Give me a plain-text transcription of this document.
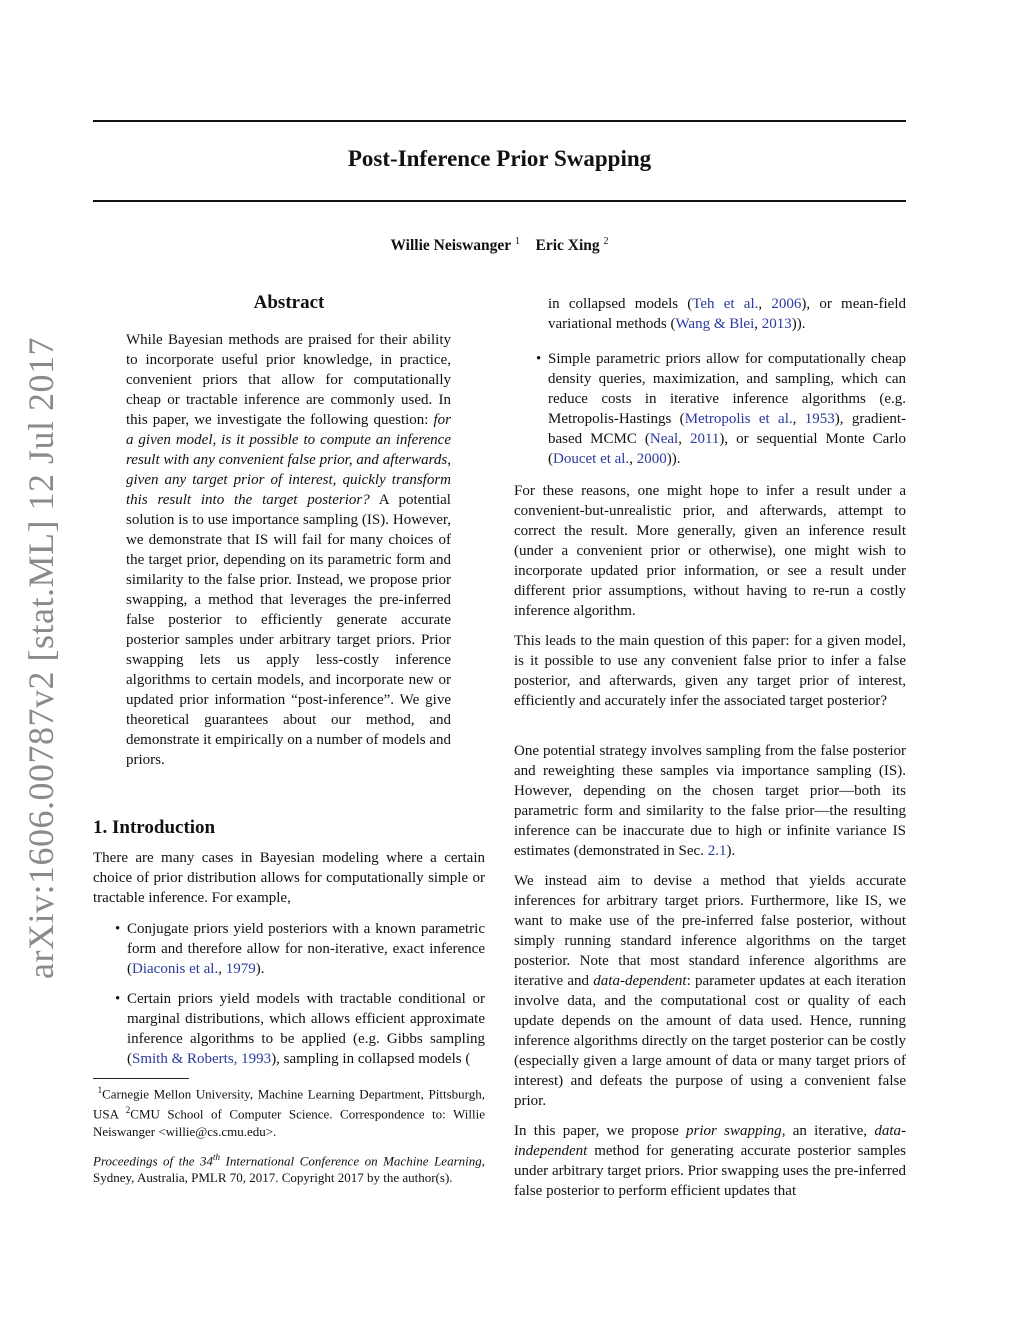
Post-Inference Prior Swapping
Willie Neiswanger $^1$ Eric Xing $^2$
arXiv:1606.00787v2 [stat.ML] 12 Jul 2017
Abstract

While Bayesian methods are praised for their ability to incorporate useful prior knowledge, in practice, convenient priors that allow for computationally cheap or tractable inference are commonly used. In this paper, we investigate the following question: for a given model, is it possible to compute an inference result with any convenient false prior, and afterwards, given any target prior of interest, quickly transform this result into the target posterior? A potential solution is to use importance sampling (IS). However, we demonstrate that IS will fail for many choices of the target prior, depending on its parametric form and similarity to the false prior. Instead, we propose prior swapping, a method that leverages the pre-inferred false posterior to efficiently generate accurate posterior samples under arbitrary target priors. Prior swapping lets us apply less-costly inference algorithms to certain models, and incorporate new or updated prior information “post-inference”. We give theoretical guarantees about our method, and demonstrate it empirically on a number of models and priors.

1. Introduction

There are many cases in Bayesian modeling where a certain choice of prior distribution allows for computationally simple or tractable inference. For example,

• Conjugate priors yield posteriors with a known parametric form and therefore allow for non-iterative, exact inference (Diaconis et al., 1979).

• Certain priors yield models with tractable conditional or marginal distributions, which allows efficient approximate inference algorithms to be applied (e.g. Gibbs sampling (Smith & Roberts, 1993), sampling in collapsed models (

$^1$Carnegie Mellon University, Machine Learning Department, Pittsburgh, USA $^2$CMU School of Computer Science. Correspondence to: Willie Neiswanger <willie@cs.cmu.edu>.

Proceedings of the 34th International Conference on Machine Learning, Sydney, Australia, PMLR 70, 2017. Copyright 2017 by the author(s).

in collapsed models (Teh et al., 2006), or mean-field variational methods (Wang & Blei, 2013)).

• Simple parametric priors allow for computationally cheap density queries, maximization, and sampling, which can reduce costs in iterative inference algorithms (e.g. Metropolis-Hastings (Metropolis et al., 1953), gradient-based MCMC (Neal, 2011), or sequential Monte Carlo (Doucet et al., 2000)).

For these reasons, one might hope to infer a result under a convenient-but-unrealistic prior, and afterwards, attempt to correct the result. More generally, given an inference result (under a convenient prior or otherwise), one might wish to incorporate updated prior information, or see a result under different prior assumptions, without having to re-run a costly inference algorithm.

This leads to the main question of this paper: for a given model, is it possible to use any convenient false prior to infer a false posterior, and afterwards, given any target prior of interest, efficiently and accurately infer the associated target posterior?

One potential strategy involves sampling from the false posterior and reweighting these samples via importance sampling (IS). However, depending on the chosen target prior—both its parametric form and similarity to the false prior—the resulting inference can be inaccurate due to high or infinite variance IS estimates (demonstrated in Sec. 2.1).

We instead aim to devise a method that yields accurate inferences for arbitrary target priors. Furthermore, like IS, we want to make use of the pre-inferred false posterior, without simply running standard inference algorithms on the target posterior. Note that most standard inference algorithms are iterative and data-dependent: parameter updates at each iteration involve data, and the computational cost or quality of each update depends on the amount of data used. Hence, running inference algorithms directly on the target posterior can be costly (especially given a large amount of data or many target priors of interest) and defeats the purpose of using a convenient false prior.

In this paper, we propose prior swapping, an iterative, data-independent method for generating accurate posterior samples under arbitrary target priors. Prior swapping uses the pre-inferred false posterior to perform efficient updates that
